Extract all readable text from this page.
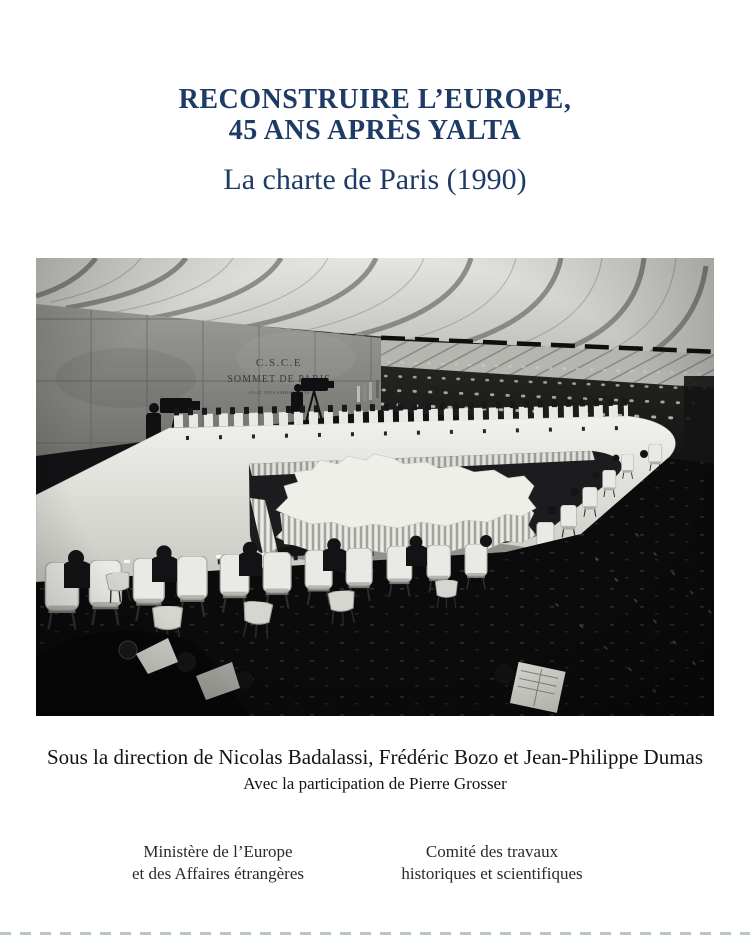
RECONSTRUIRE L’EUROPE,
45 ANS APRÈS YALTA
La charte de Paris (1990)
Sous la direction de Nicolas Badalassi, Frédéric Bozo et Jean-Philippe Dumas
Avec la participation de Pierre Grosser
Ministère de l’Europe
et des Affaires étrangères
Comité des travaux
historiques et scientifiques
